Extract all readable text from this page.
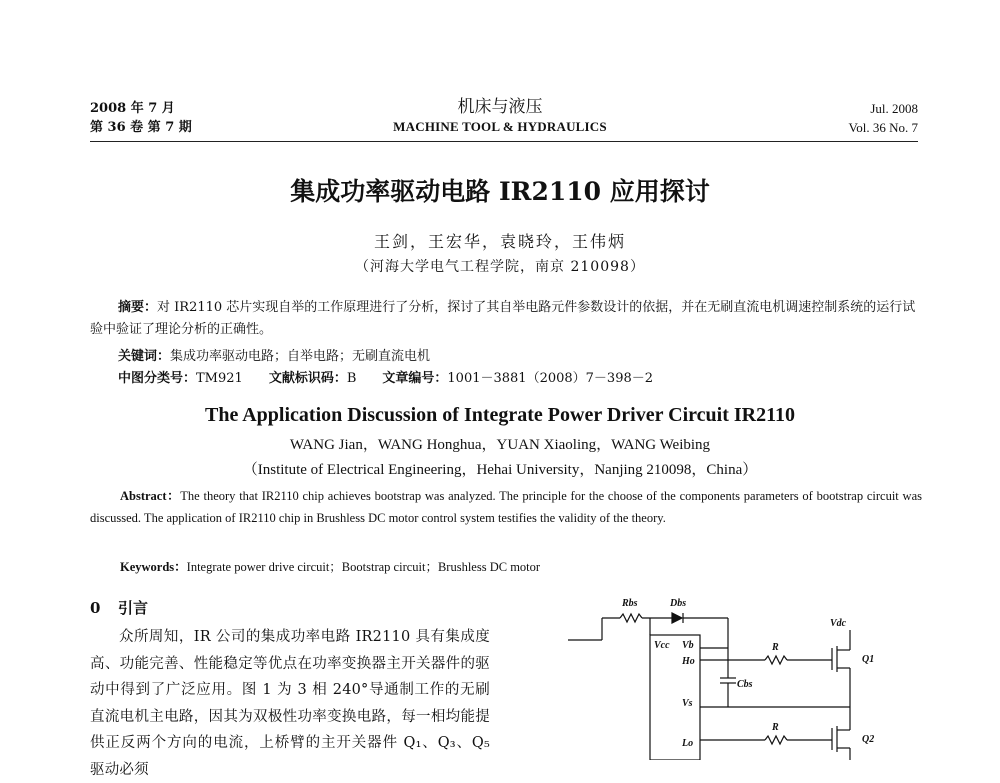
2008 年 7 月
第 36 卷 第 7 期
机床与液压
MACHINE TOOL & HYDRAULICS
Jul. 2008
Vol. 36 No. 7
集成功率驱动电路 IR2110 应用探讨
王剑，王宏华，袁晓玲，王伟炳
（河海大学电气工程学院，南京 210098）
摘要：对 IR2110 芯片实现自举的工作原理进行了分析，探讨了其自举电路元件参数设计的依据，并在无刷直流电机调速控制系统的运行试验中验证了理论分析的正确性。
关键词：集成功率驱动电路；自举电路；无刷直流电机
中图分类号：TM921 文献标识码：B 文章编号：1001－3881（2008）7－398－2
The Application Discussion of Integrate Power Driver Circuit IR2110
WANG Jian，WANG Honghua，YUAN Xiaoling，WANG Weibing
（Institute of Electrical Engineering，Hehai University，Nanjing 210098，China）
Abstract：The theory that IR2110 chip achieves bootstrap was analyzed. The principle for the choose of the components parameters of bootstrap circuit was discussed. The application of IR2110 chip in Brushless DC motor control system testifies the validity of the theory.
Keywords：Integrate power drive circuit；Bootstrap circuit；Brushless DC motor
0 引言
众所周知，IR 公司的集成功率电路 IR2110 具有集成度高、功能完善、性能稳定等优点在功率变换器主开关器件的驱动中得到了广泛应用。图 1 为 3 相 240°导通制工作的无刷直流电机主电路，因其为双极性功率变换电路，每一相均能提供正反两个方向的电流，上桥臂的主开关器件 Q₁、Q₃、Q₅ 驱动必须
Rbs	Dbs
Vcc Vb
Ho
Cbs
Vs
Lo
Vdc
R
R
Q1
Q2
